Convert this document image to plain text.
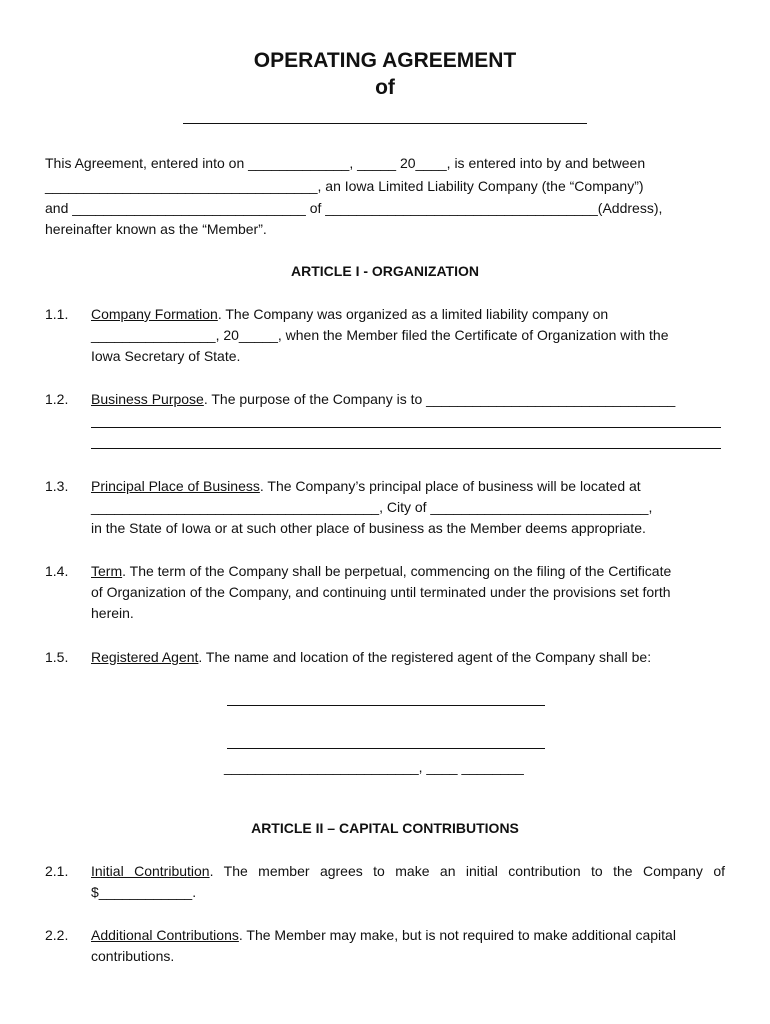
OPERATING AGREEMENT
of
This Agreement, entered into on _____________, _____ 20____, is entered into by and between
___________________________________, an Iowa Limited Liability Company (the “Company”)
and ______________________________ of ___________________________________(Address),
hereinafter known as the “Member”.
ARTICLE I - ORGANIZATION
1.1. Company Formation. The Company was organized as a limited liability company on
________________, 20_____, when the Member filed the Certificate of Organization with the
Iowa Secretary of State.
1.2. Business Purpose. The purpose of the Company is to ________________________________
1.3. Principal Place of Business. The Company’s principal place of business will be located at
_____________________________________, City of ____________________________,
in the State of Iowa or at such other place of business as the Member deems appropriate.
1.4. Term. The term of the Company shall be perpetual, commencing on the filing of the Certificate
of Organization of the Company, and continuing until terminated under the provisions set forth
herein.
1.5. Registered Agent. The name and location of the registered agent of the Company shall be:
_________________________, ____ ________
ARTICLE II – CAPITAL CONTRIBUTIONS
2.1. Initial Contribution. The member agrees to make an initial contribution to the Company of
$____________.
2.2. Additional Contributions. The Member may make, but is not required to make additional capital
contributions.
